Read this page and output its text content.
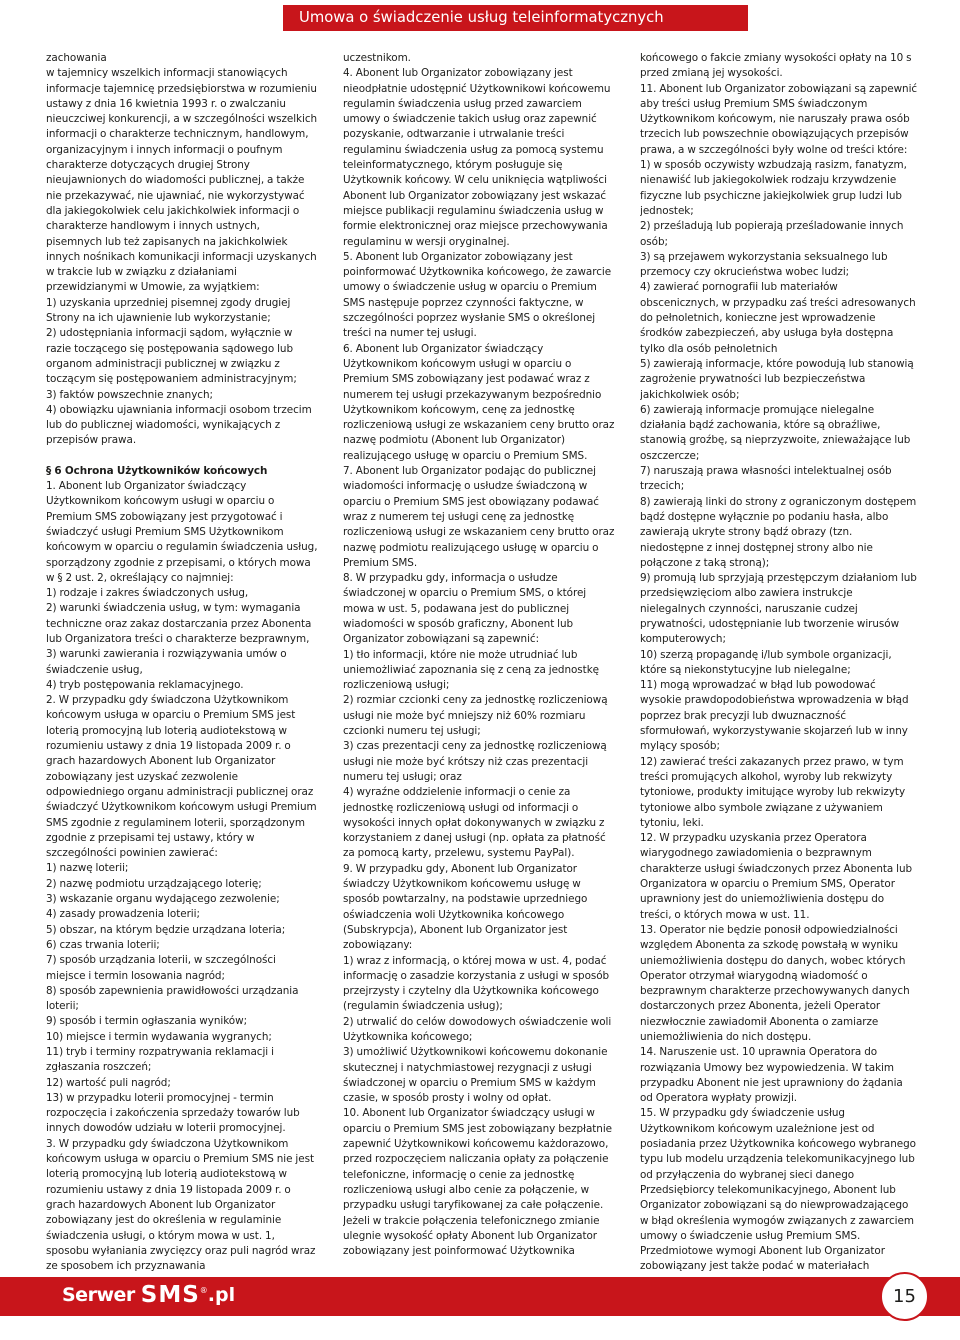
Umowa o świadczenie usług teleinformatycznych

zachowania

w tajemnicy wszelkich informacji stanowiących informacje tajemnicę przedsiębiorstwa w rozumieniu ustawy z dnia 16 kwietnia 1993 r. o zwalczaniu nieuczciwej konkurencji, a w szczególności wszelkich informacji o charakterze technicznym, handlowym, organizacyjnym i innych informacji o poufnym charakterze dotyczących drugiej Strony nieujawnionych do wiadomości publicznej, a także nie przekazywać, nie ujawniać, nie wykorzystywać dla jakiegokolwiek celu jakichkolwiek informacji o charakterze handlowym i innych ustnych, pisemnych lub też zapisanych na jakichkolwiek innych nośnikach komunikacji informacji uzyskanych w trakcie lub w związku z działaniami przewidzianymi w Umowie, za wyjątkiem:

1) uzyskania uprzedniej pisemnej zgody drugiej Strony na ich ujawnienie lub wykorzystanie;

2) udostępniania informacji sądom, wyłącznie w razie toczącego się postępowania sądowego lub organom administracji publicznej w związku z toczącym się postępowaniem administracyjnym;

3) faktów powszechnie znanych;

4) obowiązku ujawniania informacji osobom trzecim lub do publicznej wiadomości, wynikających z przepisów prawa.

§ 6 Ochrona Użytkowników końcowych

1. Abonent lub Organizator świadczący Użytkownikom końcowym usługi w oparciu o Premium SMS zobowiązany jest przygotować i świadczyć usługi Premium SMS Użytkownikom końcowym w oparciu o regulamin świadczenia usług, sporządzony zgodnie z przepisami, o których mowa w § 2 ust. 2, określający co najmniej:

1) rodzaje i zakres świadczonych usług,

2) warunki świadczenia usług, w tym: wymagania techniczne oraz zakaz dostarczania przez Abonenta lub Organizatora treści o charakterze bezprawnym,

3) warunki zawierania i rozwiązywania umów o świadczenie usług,

4) tryb postępowania reklamacyjnego.

2. W przypadku gdy świadczona Użytkownikom końcowym usługa w oparciu o Premium SMS jest loterią promocyjną lub loterią audiotekstową w rozumieniu ustawy z dnia 19 listopada 2009 r. o grach hazardowych Abonent lub Organizator zobowiązany jest uzyskać zezwolenie odpowiedniego organu administracji publicznej oraz świadczyć Użytkownikom końcowym usługi Premium SMS zgodnie z regulaminem loterii, sporządzonym zgodnie z przepisami tej ustawy, który w szczególności powinien zawierać:

1) nazwę loterii;

2) nazwę podmiotu urządzającego loterię;

3) wskazanie organu wydającego zezwolenie;

4) zasady prowadzenia loterii;

5) obszar, na którym będzie urządzana loteria;

6) czas trwania loterii;

7) sposób urządzania loterii, w szczególności miejsce i termin losowania nagród;

8) sposób zapewnienia prawidłowości urządzania loterii;

9) sposób i termin ogłaszania wyników;

10) miejsce i termin wydawania wygranych;

11) tryb i terminy rozpatrywania reklamacji i zgłaszania roszczeń;

12) wartość puli nagród;

13) w przypadku loterii promocyjnej - termin rozpoczęcia i zakończenia sprzedaży towarów lub innych dowodów udziału w loterii promocyjnej.

3. W przypadku gdy świadczona Użytkownikom końcowym usługa w oparciu o Premium SMS nie jest loterią promocyjną lub loterią audiotekstową w rozumieniu ustawy z dnia 19 listopada 2009 r. o grach hazardowych Abonent lub Organizator zobowiązany jest do określenia w regulaminie świadczenia usługi, o którym mowa w ust. 1, sposobu wyłaniania zwycięzcy oraz puli nagród wraz ze sposobem ich przyznawania

uczestnikom.

4. Abonent lub Organizator zobowiązany jest nieodpłatnie udostępnić Użytkownikowi końcowemu regulamin świadczenia usług przed zawarciem umowy o świadczenie takich usług oraz zapewnić pozyskanie, odtwarzanie i utrwalanie treści regulaminu świadczenia usług za pomocą systemu teleinformatycznego, którym posługuje się Użytkownik końcowy. W celu uniknięcia wątpliwości Abonent lub Organizator zobowiązany jest wskazać miejsce publikacji regulaminu świadczenia usług w formie elektronicznej oraz miejsce przechowywania regulaminu w wersji oryginalnej.

5. Abonent lub Organizator zobowiązany jest poinformować Użytkownika końcowego, że zawarcie umowy o świadczenie usług w oparciu o Premium SMS następuje poprzez czynności faktyczne, w szczególności poprzez wysłanie SMS o określonej treści na numer tej usługi.

6. Abonent lub Organizator świadczący Użytkownikom końcowym usługi w oparciu o Premium SMS zobowiązany jest podawać wraz z numerem tej usługi przekazywanym bezpośrednio Użytkownikom końcowym, cenę za jednostkę rozliczeniową usługi ze wskazaniem ceny brutto oraz nazwę podmiotu (Abonent lub Organizator) realizującego usługę w oparciu o Premium SMS.

7. Abonent lub Organizator podając do publicznej wiadomości informację o usłudze świadczoną w oparciu o Premium SMS jest obowiązany podawać wraz z numerem tej usługi cenę za jednostkę rozliczeniową usługi ze wskazaniem ceny brutto oraz nazwę podmiotu realizującego usługę w oparciu o Premium SMS.

8. W przypadku gdy, informacja o usłudze świadczonej w oparciu o Premium SMS, o której mowa w ust. 5, podawana jest do publicznej wiadomości w sposób graficzny, Abonent lub Organizator zobowiązani są zapewnić:

1) tło informacji, które nie może utrudniać lub uniemożliwiać zapoznania się z ceną za jednostkę rozliczeniową usługi;

2) rozmiar czcionki ceny za jednostkę rozliczeniową usługi nie może być mniejszy niż 60% rozmiaru czcionki numeru tej usługi;

3) czas prezentacji ceny za jednostkę rozliczeniową usługi nie może być krótszy niż czas prezentacji numeru tej usługi; oraz

4) wyraźne oddzielenie informacji o cenie za jednostkę rozliczeniową usługi od informacji o wysokości innych opłat dokonywanych w związku z korzystaniem z danej usługi (np. opłata za płatność za pomocą karty, przelewu, systemu PayPal).

9. W przypadku gdy, Abonent lub Organizator świadczy Użytkownikom końcowemu usługę w sposób powtarzalny, na podstawie uprzedniego oświadczenia woli Użytkownika końcowego (Subskrypcja), Abonent lub Organizator jest zobowiązany:

1) wraz z informacją, o której mowa w ust. 4, podać informację o zasadzie korzystania z usługi w sposób przejrzysty i czytelny dla Użytkownika końcowego (regulamin świadczenia usług);

2) utrwalić do celów dowodowych oświadczenie woli Użytkownika końcowego;

3) umożliwić Użytkownikowi końcowemu dokonanie skutecznej i natychmiastowej rezygnacji z usługi świadczonej w oparciu o Premium SMS w każdym czasie, w sposób prosty i wolny od opłat.

10. Abonent lub Organizator świadczący usługi w oparciu o Premium SMS jest zobowiązany bezpłatnie zapewnić Użytkownikowi końcowemu każdorazowo, przed rozpoczęciem naliczania opłaty za połączenie telefoniczne, informację o cenie za jednostkę rozliczeniową usługi albo cenie za połączenie, w przypadku usługi taryfikowanej za całe połączenie. Jeżeli w trakcie połączenia telefonicznego zmianie ulegnie wysokość opłaty Abonent lub Organizator zobowiązany jest poinformować Użytkownika

końcowego o fakcie zmiany wysokości opłaty na 10 s przed zmianą jej wysokości.

11. Abonent lub Organizator zobowiązani są zapewnić aby treści usług Premium SMS świadczonym Użytkownikom końcowym, nie naruszały prawa osób trzecich lub powszechnie obowiązujących przepisów prawa, a w szczególności były wolne od treści które:

1) w sposób oczywisty wzbudzają rasizm, fanatyzm, nienawiść lub jakiegokolwiek rodzaju krzywdzenie fizyczne lub psychiczne jakiejkolwiek grup ludzi lub jednostek;

2) prześladują lub popierają prześladowanie innych osób;

3) są przejawem wykorzystania seksualnego lub przemocy czy okrucieństwa wobec ludzi;

4) zawierać pornografii lub materiałów obscenicznych, w przypadku zaś treści adresowanych do pełnoletnich, konieczne jest wprowadzenie środków zabezpieczeń, aby usługa była dostępna tylko dla osób pełnoletnich

5) zawierają informacje, które powodują lub stanowią zagrożenie prywatności lub bezpieczeństwa jakichkolwiek osób;

6) zawierają informacje promujące nielegalne działania bądź zachowania, które są obraźliwe, stanowią groźbę, są nieprzyzwoite, znieważające lub oszczercze;

7) naruszają prawa własności intelektualnej osób trzecich;

8) zawierają linki do strony z ograniczonym dostępem bądź dostępne wyłącznie po podaniu hasła, albo zawierają ukryte strony bądź obrazy (tzn. niedostępne z innej dostępnej strony albo nie połączone z taką stroną);

9) promują lub sprzyjają przestępczym działaniom lub przedsięwzięciom albo zawiera instrukcje nielegalnych czynności, naruszanie cudzej prywatności, udostępnianie lub tworzenie wirusów komputerowych;

10) szerzą propagandę i/lub symbole organizacji, które są niekonstytucyjne lub nielegalne;

11) mogą wprowadzać w błąd lub powodować wysokie prawdopodobieństwa wprowadzenia w błąd poprzez brak precyzji lub dwuznaczność sformułowań, wykorzystywanie skojarzeń lub w inny mylący sposób;

12) zawierać treści zakazanych przez prawo, w tym treści promujących alkohol, wyroby lub rekwizyty tytoniowe, produkty imitujące wyroby lub rekwizyty tytoniowe albo symbole związane z używaniem tytoniu, leki.

12. W przypadku uzyskania przez Operatora wiarygodnego zawiadomienia o bezprawnym charakterze usługi świadczonych przez Abonenta lub Organizatora w oparciu o Premium SMS, Operator uprawniony jest do uniemożliwienia dostępu do treści, o których mowa w ust. 11.

13. Operator nie będzie ponosił odpowiedzialności względem Abonenta za szkodę powstałą w wyniku uniemożliwienia dostępu do danych, wobec których Operator otrzymał wiarygodną wiadomość o bezprawnym charakterze przechowywanych danych dostarczonych przez Abonenta, jeżeli Operator niezwłocznie zawiadomił Abonenta o zamiarze uniemożliwienia do nich dostępu.

14. Naruszenie ust. 10 uprawnia Operatora do rozwiązania Umowy bez wypowiedzenia. W takim przypadku Abonent nie jest uprawniony do żądania od Operatora wypłaty prowizji.

15. W przypadku gdy świadczenie usług Użytkownikom końcowym uzależnione jest od posiadania przez Użytkownika końcowego wybranego typu lub modelu urządzenia telekomunikacyjnego lub od przyłączenia do wybranej sieci danego Przedsiębiorcy telekomunikacyjnego, Abonent lub Organizator zobowiązani są do niewprowadzającego w błąd określenia wymogów związanych z zawarciem umowy o świadczenie usług Premium SMS. Przedmiotowe wymogi Abonent lub Organizator zobowiązany jest także podać w materiałach

Serwer SMS ® .pl	15
